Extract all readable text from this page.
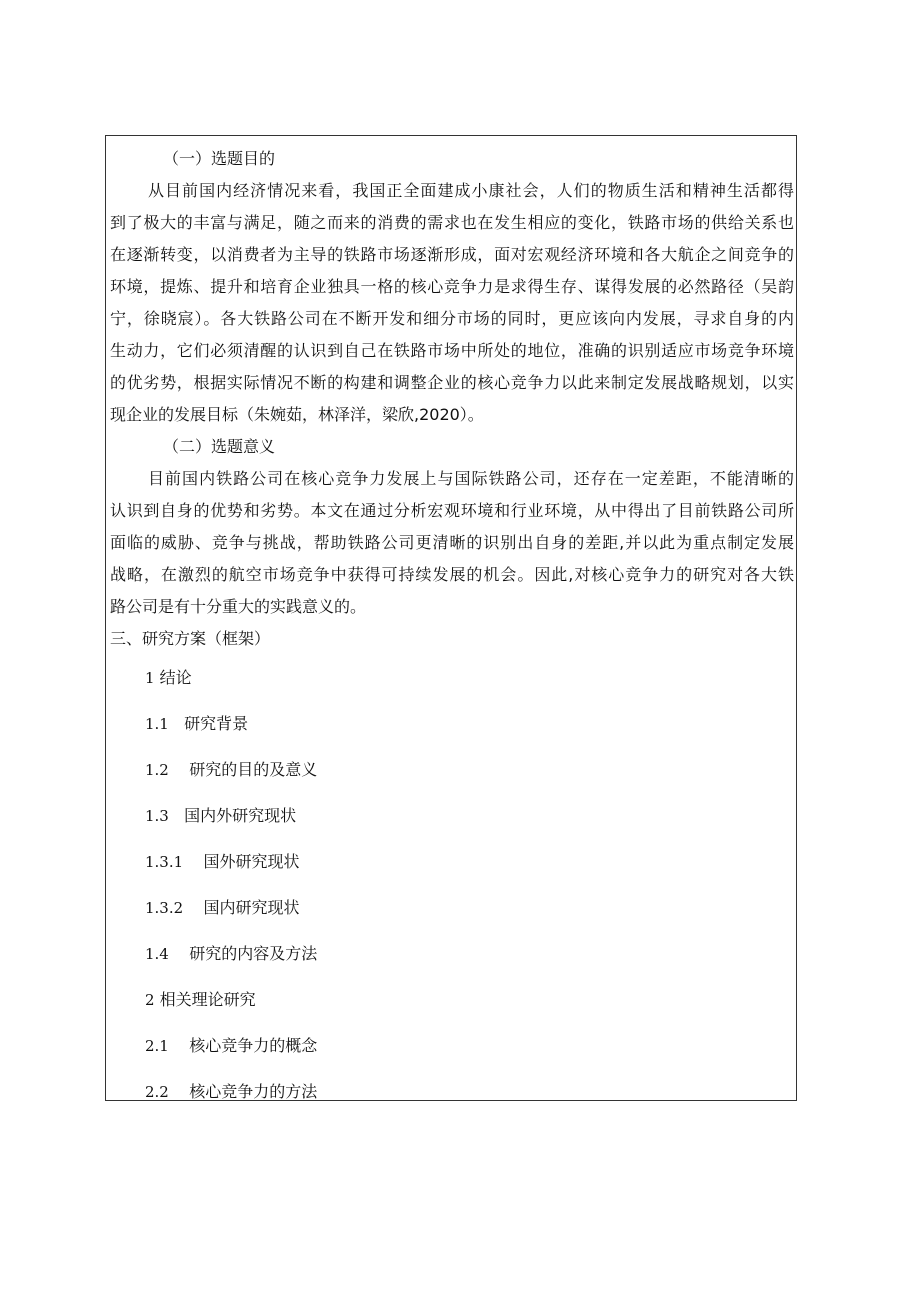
（一）选题目的
从目前国内经济情况来看，我国正全面建成小康社会，人们的物质生活和精神生活都得
到了极大的丰富与满足，随之而来的消费的需求也在发生相应的变化，铁路市场的供给关系也
在逐渐转变，以消费者为主导的铁路市场逐渐形成，面对宏观经济环境和各大航企之间竞争的
环境，提炼、提升和培育企业独具一格的核心竞争力是求得生存、谋得发展的必然路径（吴韵
宁，徐晓宸）。各大铁路公司在不断开发和细分市场的同时，更应该向内发展，寻求自身的内
生动力，它们必须清醒的认识到自己在铁路市场中所处的地位，准确的识别适应市场竞争环境
的优劣势，根据实际情况不断的构建和调整企业的核心竞争力以此来制定发展战略规划，以实
现企业的发展目标（朱婉茹，林泽洋，梁欣,2020）。
（二）选题意义
目前国内铁路公司在核心竞争力发展上与国际铁路公司，还存在一定差距，不能清晰的
认识到自身的优势和劣势。本文在通过分析宏观环境和行业环境，从中得出了目前铁路公司所
面临的威胁、竞争与挑战，帮助铁路公司更清晰的识别出自身的差距,并以此为重点制定发展
战略，在激烈的航空市场竞争中获得可持续发展的机会。因此,对核心竞争力的研究对各大铁
路公司是有十分重大的实践意义的。
三、研究方案（框架）
1 结论
1.1 研究背景
1.2 研究的目的及意义
1.3 国内外研究现状
1.3.1 国外研究现状
1.3.2 国内研究现状
1.4 研究的内容及方法
2 相关理论研究
2.1 核心竞争力的概念
2.2 核心竞争力的方法
